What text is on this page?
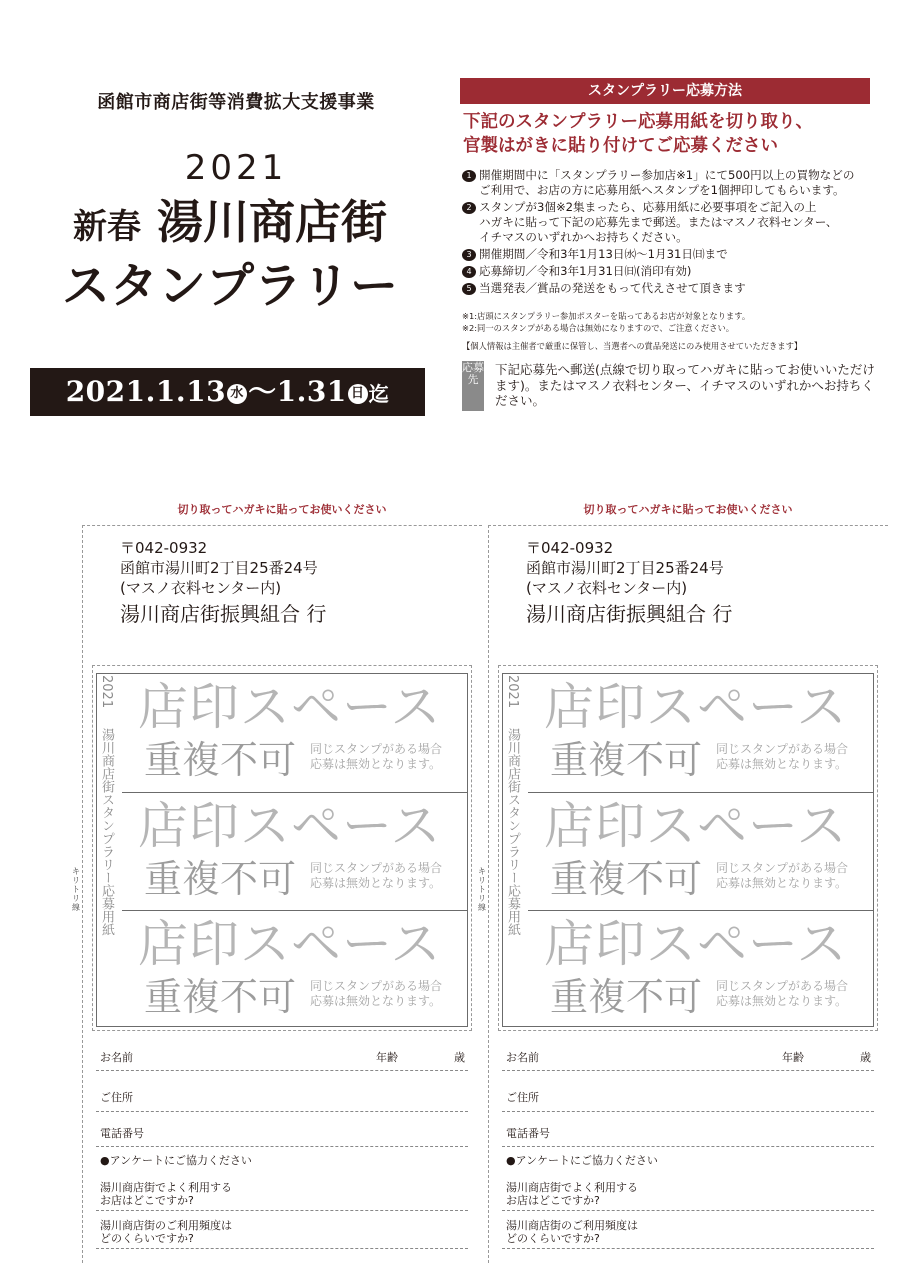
函館市商店街等消費拡大支援事業
2021
新春 湯川商店街
スタンプラリー
2021.1.13 水 〜1.31 日 迄
スタンプラリー応募方法
下記のスタンプラリー応募用紙を切り取り、
官製はがきに貼り付けてご応募ください
1 開催期間中に「スタンプラリー参加店※1」にて500円以上の買物などの
ご利用で、お店の方に応募用紙へスタンプを1個押印してもらいます。
2 スタンプが3個※2集まったら、応募用紙に必要事項をご記入の上
ハガキに貼って下記の応募先まで郵送。またはマスノ衣料センター、
イチマスのいずれかへお持ちください。
3 開催期間／令和3年1月13日㈬〜1月31日㈰まで
4 応募締切／令和3年1月31日㈰(消印有効)
5 当選発表／賞品の発送をもって代えさせて頂きます
※1:店頭にスタンプラリー参加ポスターを貼ってあるお店が対象となります。
※2:同一のスタンプがある場合は無効になりますので、ご注意ください。
【個人情報は主催者で厳重に保管し、当選者への賞品発送にのみ使用させていただきます】
応募先
下記応募先へ郵送(点線で切り取ってハガキに貼ってお使いいただけます)。またはマスノ衣料センター、イチマスのいずれかへお持ちください。
切り取ってハガキに貼ってお使いください
キリトリ線
〒042-0932
函館市湯川町2丁目25番24号
(マスノ衣料センター内)
湯川商店街振興組合 行
2021
湯川商店街スタンプラリー応募用紙
店印スペース
重複不可 同じスタンプがある場合
応募は無効となります。
店印スペース
重複不可 同じスタンプがある場合
応募は無効となります。
店印スペース
重複不可 同じスタンプがある場合
応募は無効となります。
お名前	年齢	歳
ご住所
電話番号
●アンケートにご協力ください
湯川商店街でよく利用する
お店はどこですか?
湯川商店街のご利用頻度は
どのくらいですか?
切り取ってハガキに貼ってお使いください
キリトリ線
〒042-0932
函館市湯川町2丁目25番24号
(マスノ衣料センター内)
湯川商店街振興組合 行
2021
湯川商店街スタンプラリー応募用紙
店印スペース
重複不可 同じスタンプがある場合
応募は無効となります。
店印スペース
重複不可 同じスタンプがある場合
応募は無効となります。
店印スペース
重複不可 同じスタンプがある場合
応募は無効となります。
お名前	年齢	歳
ご住所
電話番号
●アンケートにご協力ください
湯川商店街でよく利用する
お店はどこですか?
湯川商店街のご利用頻度は
どのくらいですか?
